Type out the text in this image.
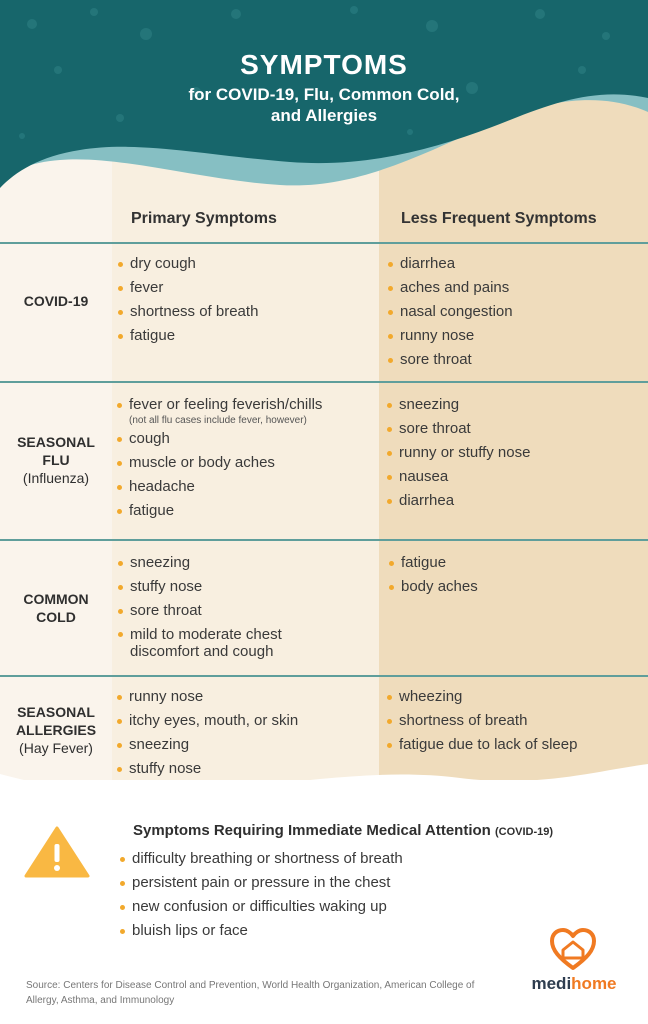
SYMPTOMS
for COVID-19, Flu, Common Cold,
and Allergies
Primary Symptoms	Less Frequent Symptoms
COVID-19
dry cough
fever
shortness of breath
fatigue
diarrhea
aches and pains
nasal congestion
runny nose
sore throat
SEASONAL
FLU
(Influenza)
fever or feeling feverish/chills
(not all flu cases include fever, however)
cough
muscle or body aches
headache
fatigue
sneezing
sore throat
runny or stuffy nose
nausea
diarrhea
COMMON
COLD
sneezing
stuffy nose
sore throat
mild to moderate chest
discomfort and cough
fatigue
body aches
SEASONAL
ALLERGIES
(Hay Fever)
runny nose
itchy eyes, mouth, or skin
sneezing
stuffy nose
wheezing
shortness of breath
fatigue due to lack of sleep
Symptoms Requiring Immediate Medical Attention (COVID-19)
difficulty breathing or shortness of breath
persistent pain or pressure in the chest
new confusion or difficulties waking up
bluish lips or face
Source: Centers for Disease Control and Prevention, World Health Organization, American College of Allergy, Asthma, and Immunology
medihome
